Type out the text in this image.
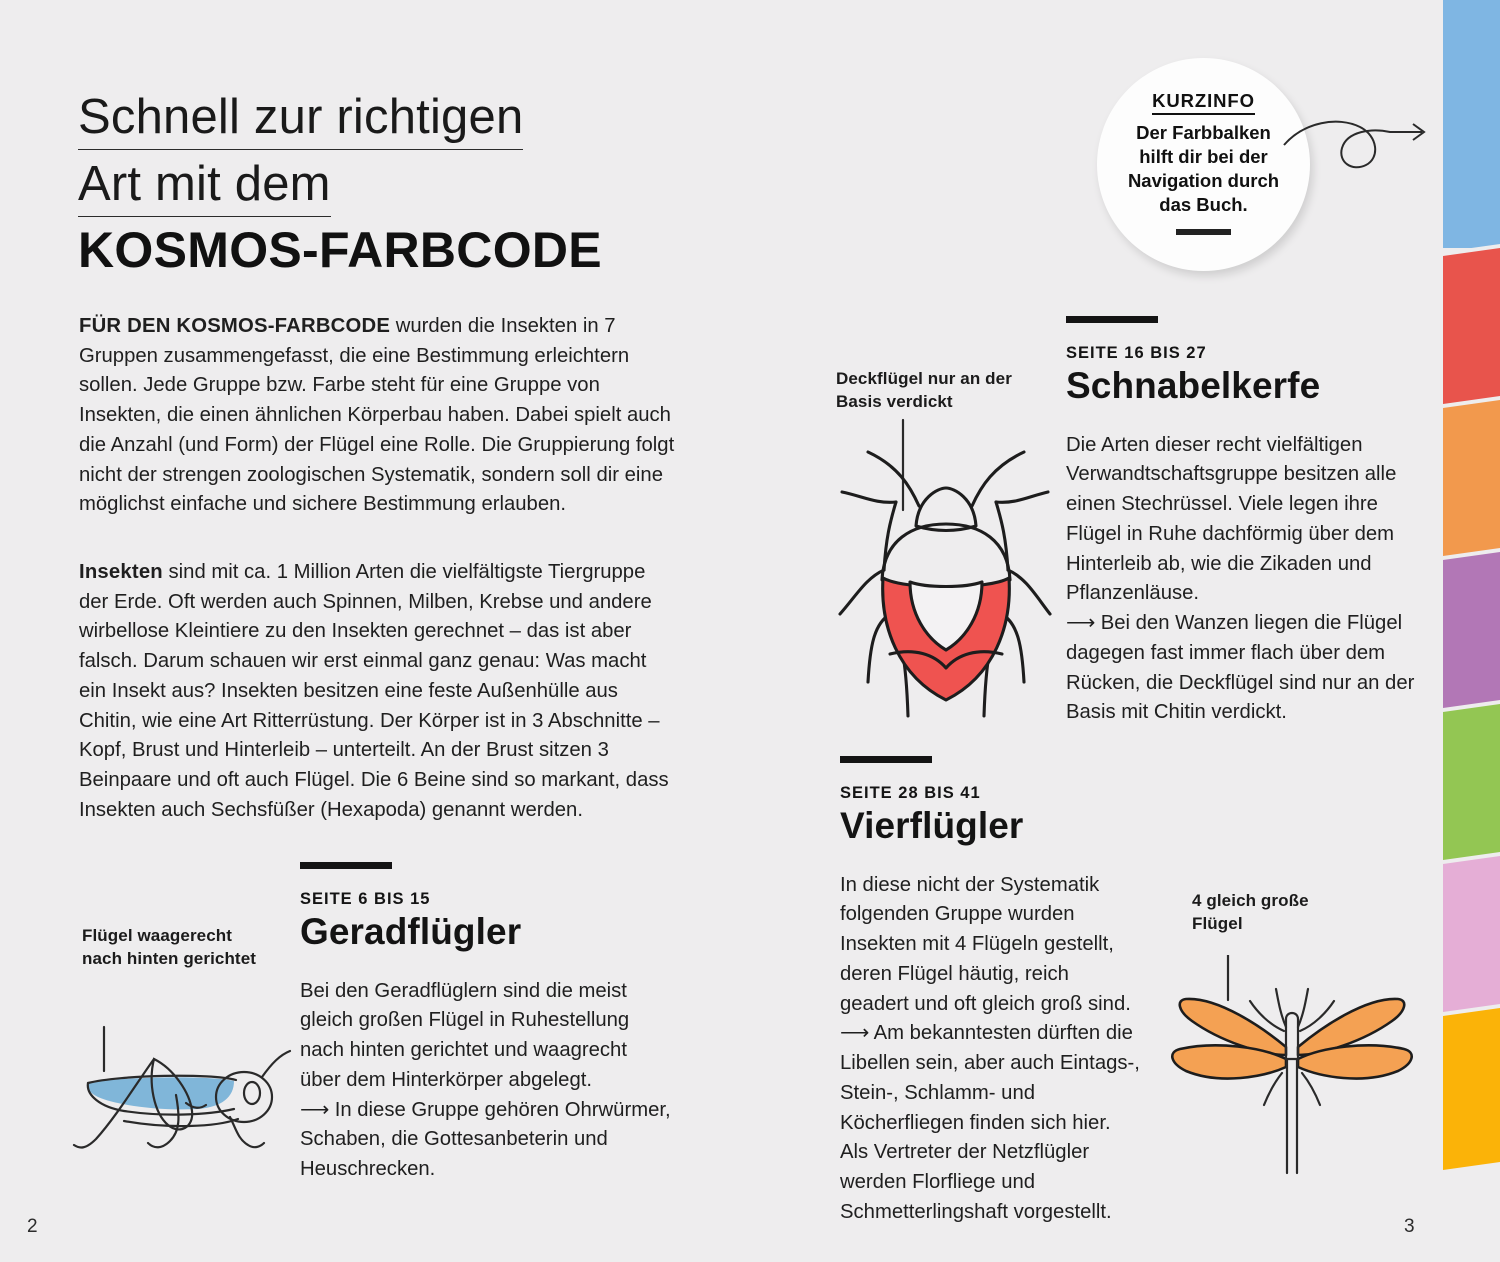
Schnell zur richtigen
Art mit dem
KOSMOS-FARBCODE
FÜR DEN KOSMOS-FARBCODE wurden die Insekten in 7 Gruppen zusammengefasst, die eine Bestimmung erleichtern sollen. Jede Gruppe bzw. Farbe steht für eine Gruppe von Insekten, die einen ähnlichen Körperbau haben. Dabei spielt auch die Anzahl (und Form) der Flügel eine Rolle. Die Gruppierung folgt nicht der strengen zoologischen Systematik, sondern soll dir eine möglichst einfache und sichere Bestimmung erlauben.
Insekten sind mit ca. 1 Million Arten die vielfältigste Tiergruppe der Erde. Oft werden auch Spinnen, Milben, Krebse und andere wirbellose Kleintiere zu den Insekten gerechnet – das ist aber falsch. Darum schauen wir erst einmal ganz genau: Was macht ein Insekt aus? Insekten besitzen eine feste Außenhülle aus Chitin, wie eine Art Ritterrüstung. Der Körper ist in 3 Abschnitte – Kopf, Brust und Hinterleib – unterteilt. An der Brust sitzen 3 Beinpaare und oft auch Flügel. Die 6 Beine sind so markant, dass Insekten auch Sechsfüßer (Hexapoda) genannt werden.
KURZINFO
Der Farbbalken hilft dir bei der Navigation durch das Buch.
Deckflügel nur an der Basis verdickt
SEITE 16 BIS 27
Schnabelkerfe
Die Arten dieser recht vielfältigen Verwandtschaftsgruppe besitzen alle einen Stechrüssel. Viele legen ihre Flügel in Ruhe dachförmig über dem Hinterleib ab, wie die Zikaden und Pflanzenläuse.
⟶ Bei den Wanzen liegen die Flügel dagegen fast immer flach über dem Rücken, die Deckflügel sind nur an der Basis mit Chitin verdickt.
SEITE 28 BIS 41
Vierflügler
In diese nicht der Systematik folgenden Gruppe wurden Insekten mit 4 Flügeln gestellt, deren Flügel häutig, reich geadert und oft gleich groß sind.
⟶ Am bekanntesten dürften die Libellen sein, aber auch Eintags-, Stein-, Schlamm- und Köcherfliegen finden sich hier. Als Vertreter der Netzflügler werden Florfliege und Schmetterlingshaft vorgestellt.
4 gleich große Flügel
Flügel waagerecht nach hinten gerichtet
SEITE 6 BIS 15
Geradflügler
Bei den Geradflüglern sind die meist gleich großen Flügel in Ruhestellung nach hinten gerichtet und waagrecht über dem Hinterkörper abgelegt.
⟶ In diese Gruppe gehören Ohrwürmer, Schaben, die Gottesanbeterin und Heuschrecken.
2	3
